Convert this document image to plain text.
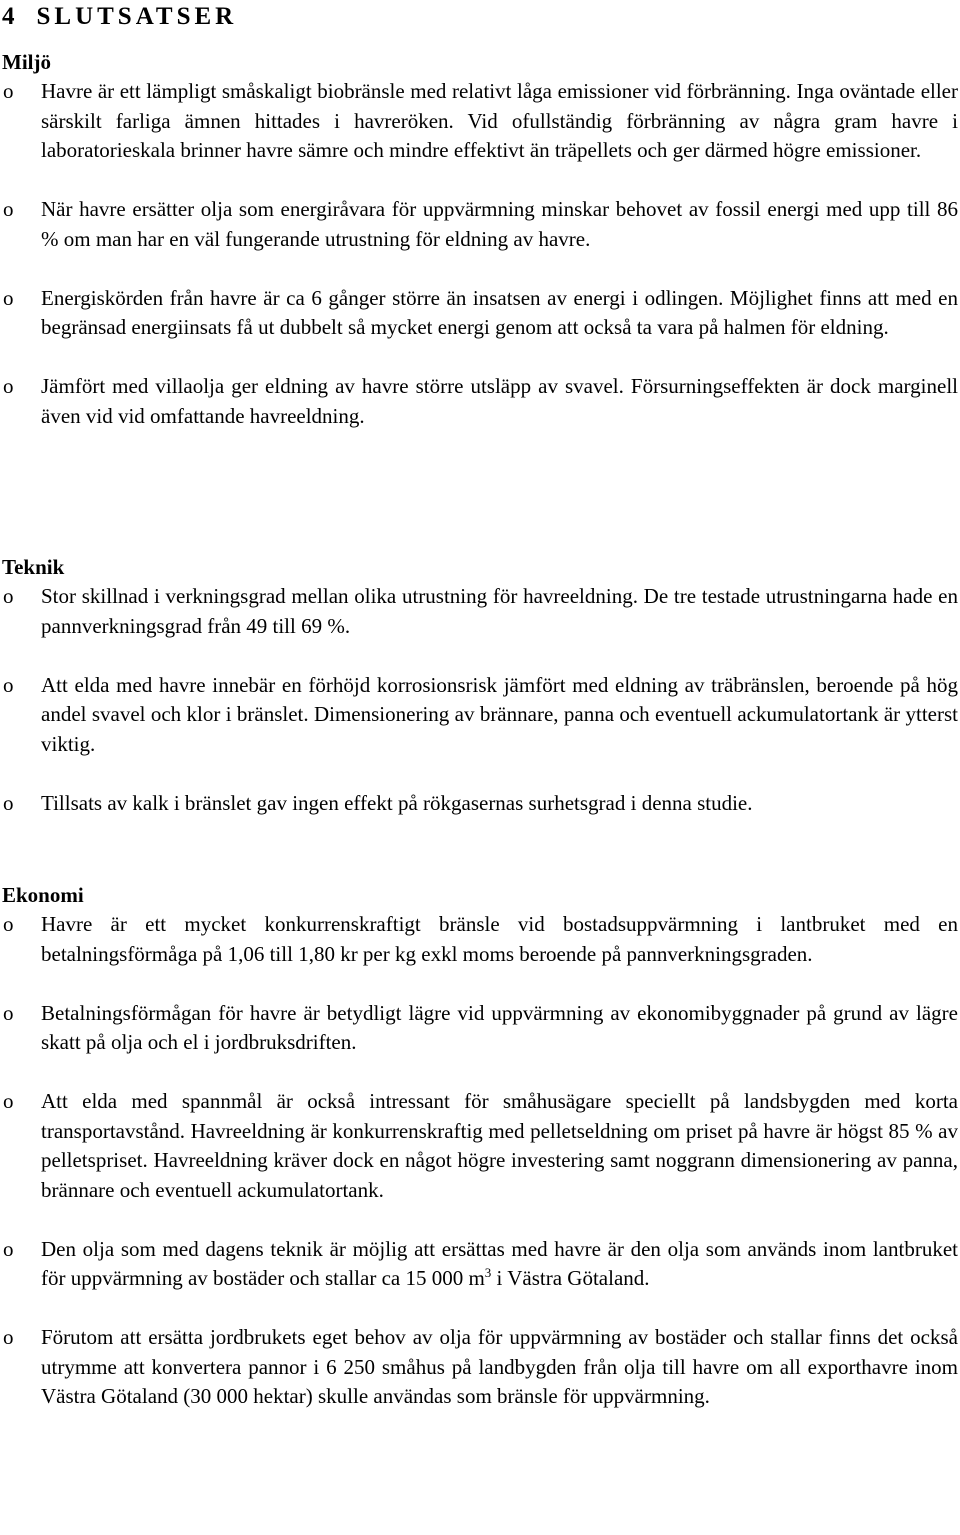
4 SLUTSATSER
Miljö
o Havre är ett lämpligt småskaligt biobränsle med relativt låga emissioner vid förbränning. Inga oväntade eller särskilt farliga ämnen hittades i havreröken. Vid ofullständig förbränning av några gram havre i laboratorieskala brinner havre sämre och mindre effektivt än träpellets och ger därmed högre emissioner.
o När havre ersätter olja som energiråvara för uppvärmning minskar behovet av fossil energi med upp till 86 % om man har en väl fungerande utrustning för eldning av havre.
o Energiskörden från havre är ca 6 gånger större än insatsen av energi i odlingen. Möjlighet finns att med en begränsad energiinsats få ut dubbelt så mycket energi genom att också ta vara på halmen för eldning.
o Jämfört med villaolja ger eldning av havre större utsläpp av svavel. Försurningseffekten är dock marginell även vid vid omfattande havreeldning.
Teknik
o Stor skillnad i verkningsgrad mellan olika utrustning för havreeldning. De tre testade utrustningarna hade en pannverkningsgrad från 49 till 69 %.
o Att elda med havre innebär en förhöjd korrosionsrisk jämfört med eldning av träbränslen, beroende på hög andel svavel och klor i bränslet. Dimensionering av brännare, panna och eventuell ackumulatortank är ytterst viktig.
o Tillsats av kalk i bränslet gav ingen effekt på rökgasernas surhetsgrad i denna studie.
Ekonomi
o Havre är ett mycket konkurrenskraftigt bränsle vid bostadsuppvärmning i lantbruket med en betalningsförmåga på 1,06 till 1,80 kr per kg exkl moms beroende på pannverkningsgraden.
o Betalningsförmågan för havre är betydligt lägre vid uppvärmning av ekonomibyggnader på grund av lägre skatt på olja och el i jordbruksdriften.
o Att elda med spannmål är också intressant för småhusägare speciellt på landsbygden med korta transportavstånd. Havreeldning är konkurrenskraftig med pelletseldning om priset på havre är högst 85 % av pelletspriset. Havreeldning kräver dock en något högre investering samt noggrann dimensionering av panna, brännare och eventuell ackumulatortank.
o Den olja som med dagens teknik är möjlig att ersättas med havre är den olja som används inom lantbruket för uppvärmning av bostäder och stallar ca 15 000 $m^3$ i Västra Götaland.
o Förutom att ersätta jordbrukets eget behov av olja för uppvärmning av bostäder och stallar finns det också utrymme att konvertera pannor i 6 250 småhus på landbygden från olja till havre om all exporthavre inom Västra Götaland (30 000 hektar) skulle användas som bränsle för uppvärmning.
